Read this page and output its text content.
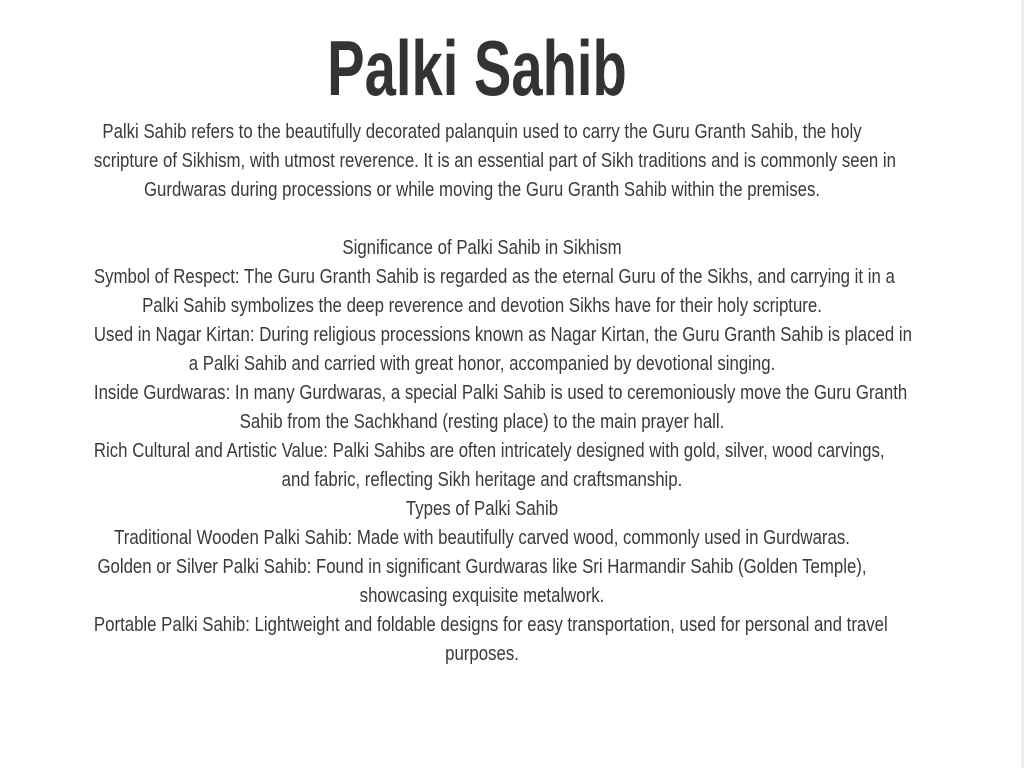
Palki Sahib
Palki Sahib refers to the beautifully decorated palanquin used to carry the Guru Granth Sahib, the holy
scripture of Sikhism, with utmost reverence. It is an essential part of Sikh traditions and is commonly seen in
Gurdwaras during processions or while moving the Guru Granth Sahib within the premises.
Significance of Palki Sahib in Sikhism
Symbol of Respect: The Guru Granth Sahib is regarded as the eternal Guru of the Sikhs, and carrying it in a
Palki Sahib symbolizes the deep reverence and devotion Sikhs have for their holy scripture.
Used in Nagar Kirtan: During religious processions known as Nagar Kirtan, the Guru Granth Sahib is placed in
a Palki Sahib and carried with great honor, accompanied by devotional singing.
Inside Gurdwaras: In many Gurdwaras, a special Palki Sahib is used to ceremoniously move the Guru Granth
Sahib from the Sachkhand (resting place) to the main prayer hall.
Rich Cultural and Artistic Value: Palki Sahibs are often intricately designed with gold, silver, wood carvings,
and fabric, reflecting Sikh heritage and craftsmanship.
Types of Palki Sahib
Traditional Wooden Palki Sahib: Made with beautifully carved wood, commonly used in Gurdwaras.
Golden or Silver Palki Sahib: Found in significant Gurdwaras like Sri Harmandir Sahib (Golden Temple),
showcasing exquisite metalwork.
Portable Palki Sahib: Lightweight and foldable designs for easy transportation, used for personal and travel
purposes.
